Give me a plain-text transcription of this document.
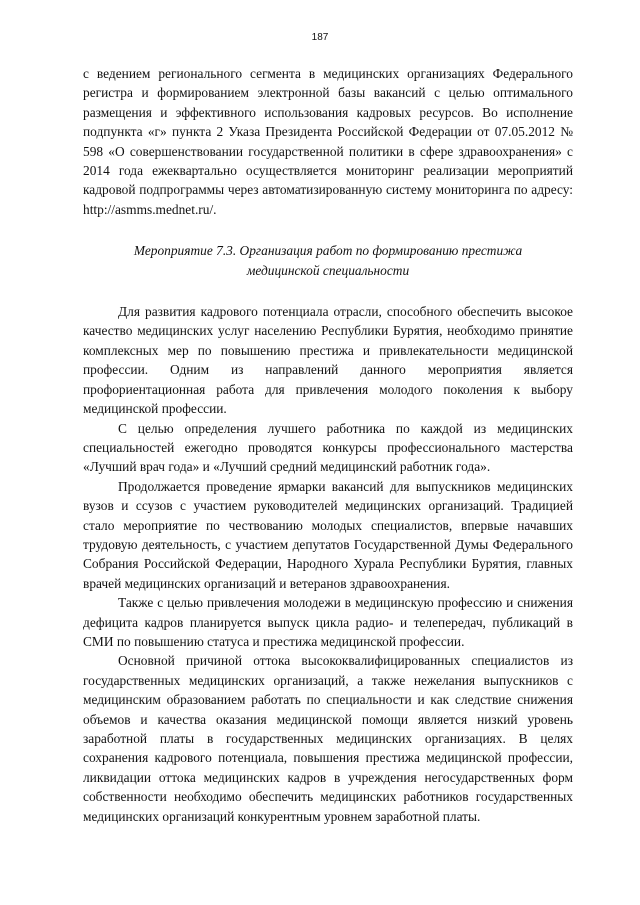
187

с ведением регионального сегмента в медицинских организациях Федерального регистра и формированием электронной базы вакансий с целью оптимального размещения и эффективного использования кадровых ресурсов. Во исполнение подпункта «г» пункта 2 Указа Президента Российской Федерации от 07.05.2012 № 598 «О совершенствовании государственной политики в сфере здравоохранения» с 2014 года ежеквартально осуществляется мониторинг реализации мероприятий кадровой подпрограммы через автоматизированную систему мониторинга по адресу: http://asmms.mednet.ru/.

Мероприятие 7.3. Организация работ по формированию престижа
медицинской специальности

Для развития кадрового потенциала отрасли, способного обеспечить высокое качество медицинских услуг населению Республики Бурятия, необходимо принятие комплексных мер по повышению престижа и привлекательности медицинской профессии. Одним из направлений данного мероприятия является профориентационная работа для привлечения молодого поколения к выбору медицинской профессии.

С целью определения лучшего работника по каждой из медицинских специальностей ежегодно проводятся конкурсы профессионального мастерства «Лучший врач года» и «Лучший средний медицинский работник года».

Продолжается проведение ярмарки вакансий для выпускников медицинских вузов и ссузов с участием руководителей медицинских организаций. Традицией стало мероприятие по чествованию молодых специалистов, впервые начавших трудовую деятельность, с участием депутатов Государственной Думы Федерального Собрания Российской Федерации, Народного Хурала Республики Бурятия, главных врачей медицинских организаций и ветеранов здравоохранения.

Также с целью привлечения молодежи в медицинскую профессию и снижения дефицита кадров планируется выпуск цикла радио- и телепередач, публикаций в СМИ по повышению статуса и престижа медицинской профессии.

Основной причиной оттока высококвалифицированных специалистов из государственных медицинских организаций, а также нежелания выпускников с медицинским образованием работать по специальности и как следствие снижения объемов и качества оказания медицинской помощи является низкий уровень заработной платы в государственных медицинских организациях. В целях сохранения кадрового потенциала, повышения престижа медицинской профессии, ликвидации оттока медицинских кадров в учреждения негосударственных форм собственности необходимо обеспечить медицинских работников государственных медицинских организаций конкурентным уровнем заработной платы.
